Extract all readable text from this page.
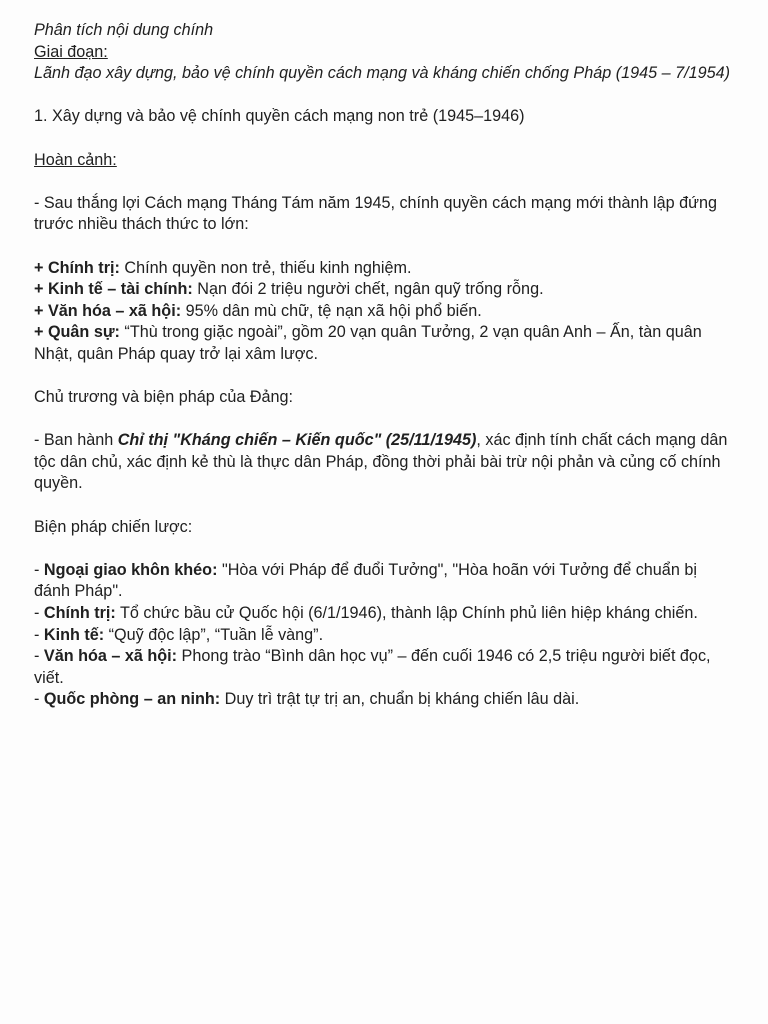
Phân tích nội dung chính

Giai đoạn:

Lãnh đạo xây dựng, bảo vệ chính quyền cách mạng và kháng chiến chống Pháp (1945 – 7/1954)

1. Xây dựng và bảo vệ chính quyền cách mạng non trẻ (1945–1946)

Hoàn cảnh:

- Sau thắng lợi Cách mạng Tháng Tám năm 1945, chính quyền cách mạng mới thành lập đứng trước nhiều thách thức to lớn:

+ Chính trị: Chính quyền non trẻ, thiếu kinh nghiệm.

+ Kinh tế – tài chính: Nạn đói 2 triệu người chết, ngân quỹ trống rỗng.

+ Văn hóa – xã hội: 95% dân mù chữ, tệ nạn xã hội phổ biến.

+ Quân sự: “Thù trong giặc ngoài”, gồm 20 vạn quân Tưởng, 2 vạn quân Anh – Ấn, tàn quân Nhật, quân Pháp quay trở lại xâm lược.

Chủ trương và biện pháp của Đảng:

- Ban hành Chỉ thị "Kháng chiến – Kiến quốc" (25/11/1945), xác định tính chất cách mạng dân tộc dân chủ, xác định kẻ thù là thực dân Pháp, đồng thời phải bài trừ nội phản và củng cố chính quyền.

Biện pháp chiến lược:

- Ngoại giao khôn khéo: "Hòa với Pháp để đuổi Tưởng", "Hòa hoãn với Tưởng để chuẩn bị đánh Pháp".

- Chính trị: Tổ chức bầu cử Quốc hội (6/1/1946), thành lập Chính phủ liên hiệp kháng chiến.

- Kinh tế: “Quỹ độc lập”, “Tuần lễ vàng”.

- Văn hóa – xã hội: Phong trào “Bình dân học vụ” – đến cuối 1946 có 2,5 triệu người biết đọc, viết.

- Quốc phòng – an ninh: Duy trì trật tự trị an, chuẩn bị kháng chiến lâu dài.
